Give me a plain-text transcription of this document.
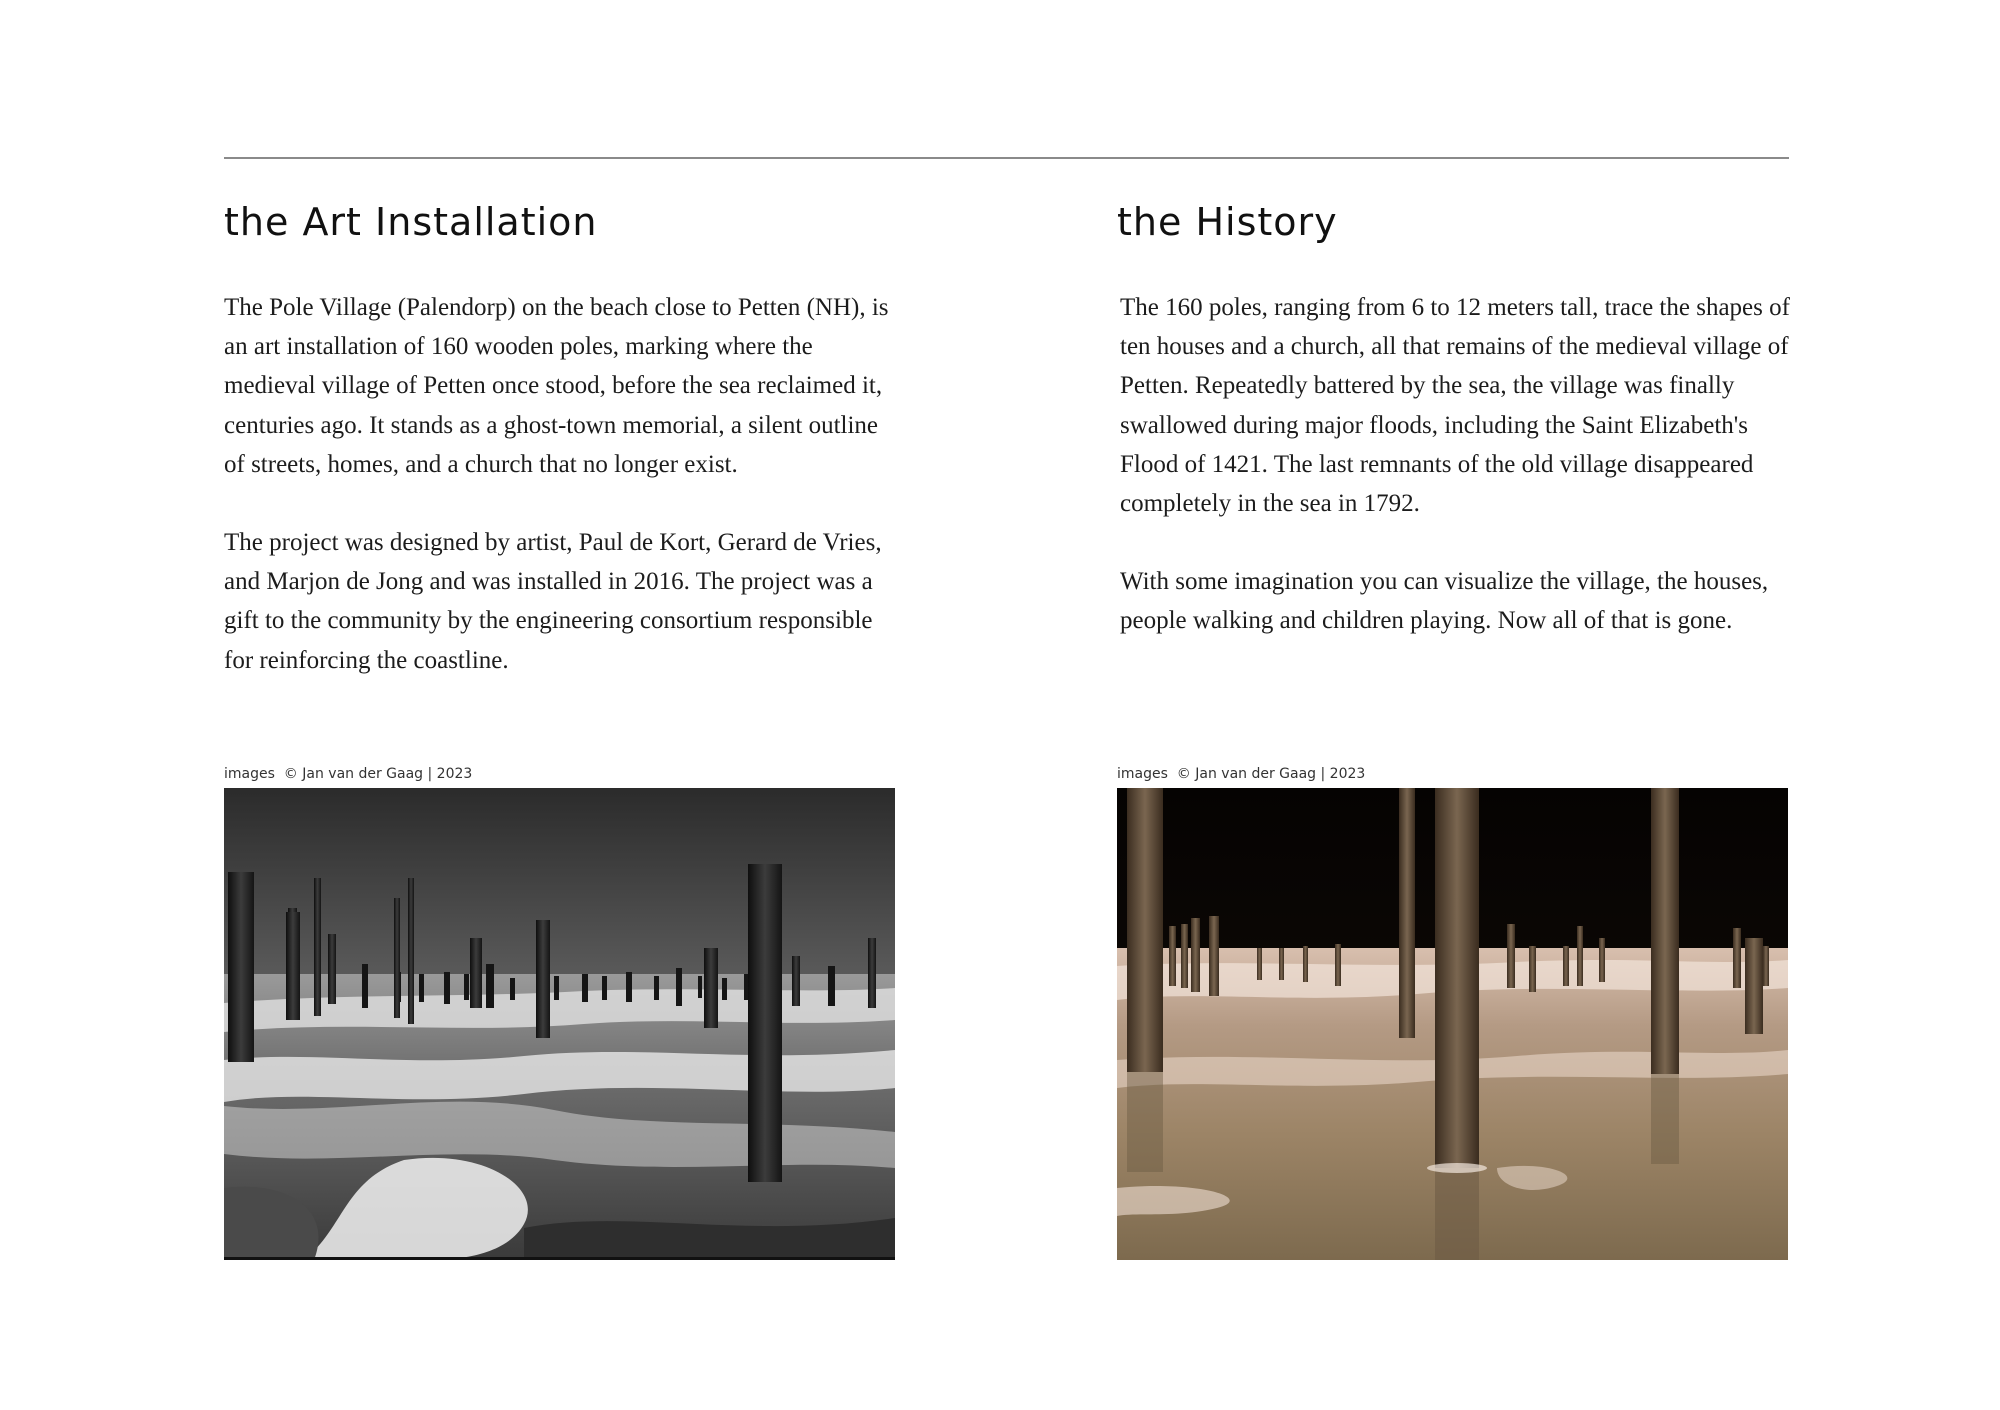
the Art Installation

The Pole Village (Palendorp) on the beach close to Petten (NH), is an art installation of 160 wooden poles, marking where the medieval village of Petten once stood, before the sea reclaimed it, centuries ago. It stands as a ghost-town memorial, a silent outline of streets, homes, and a church that no longer exist.

The project was designed by artist, Paul de Kort, Gerard de Vries, and Marjon de Jong and was installed in 2016. The project was a gift to the community by the engineering consortium responsible for reinforcing the coastline.

images  © Jan van der Gaag | 2023
the History

The 160 poles, ranging from 6 to 12 meters tall, trace the shapes of ten houses and a church, all that remains of the medieval village of Petten. Repeatedly battered by the sea, the village was finally swallowed during major floods, including the Saint Elizabeth's Flood of 1421. The last remnants of the old village disappeared completely in the sea in 1792.

With some imagination you can visualize the village, the houses, people walking and children playing. Now all of that is gone.

images  © Jan van der Gaag | 2023
